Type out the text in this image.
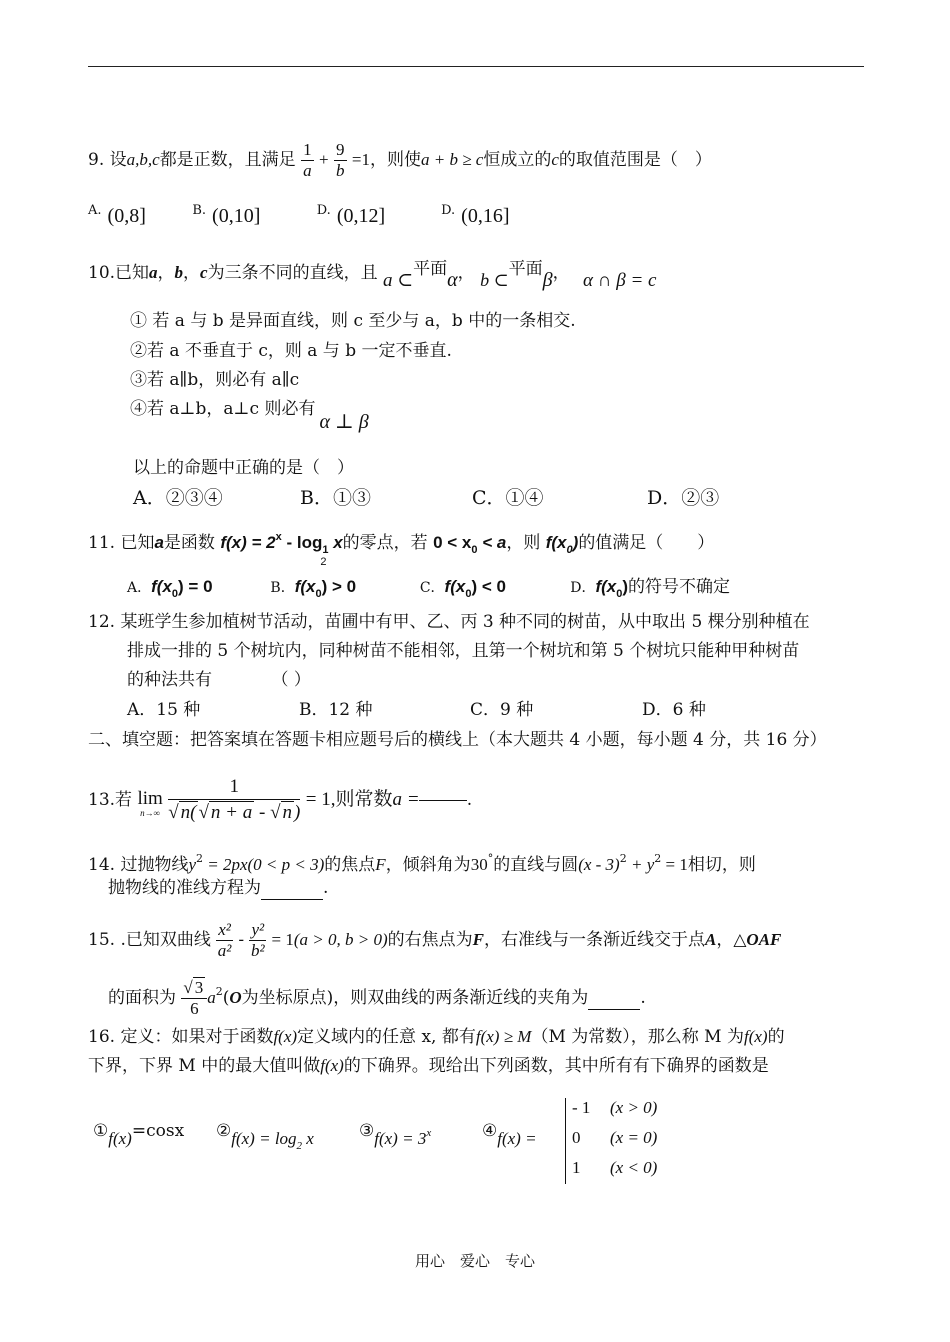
9. 设a,b,c都是正数，且满足 $\frac{1}{a} + \frac{9}{b} =1$，则使a + b ≥ c恒成立的c的取值范围是（　）
$^{A.}$ (0,8]	$^{B.}$ (0,10]	$^{D.}$ (0,12]	$^{D.}$ (0,16]
10.已知a，b，c为三条不同的直线，且 a ⊂平面α， b ⊂平面β， α ∩ β = c
① 若 a 与 b 是异面直线，则 c 至少与 a，b 中的一条相交.
②若 a 不垂直于 c，则 a 与 b 一定不垂直.
③若 a∥b，则必有 a∥c
④若 a⊥b，a⊥c 则必有α ⊥ β
以上的命题中正确的是（　）
A．②③④	B．①③	C．①④	D．②③
11. 已知a是函数 $f(x) = 2^x - \log_1$
2
x的零点，若 $0 < x_0 < a$，则 $f(x_0)$的值满足（　　）
A．$f(x_0) = 0$	B．$f(x_0) > 0$	C．$f(x_0) < 0$	D．$f(x_0)$的符号不确定
12. 某班学生参加植树节活动，苗圃中有甲、乙、丙 3 种不同的树苗，从中取出 5 棵分别种植在
排成一排的 5 个树坑内，同种树苗不能相邻，且第一个树坑和第 5 个树坑只能种甲种树苗
的种法共有　　　　（ ）
A．15 种	B．12 种	C．9 种	D．6 种
二、填空题：把答案填在答题卡相应题号后的横线上（本大题共 4 小题，每小题 4 分，共 16 分）
13.若 lim
n→∞
$\frac{1}{√ n( √ n + a - √ n )} = 1$,则常数a =	.
14. 过抛物线$y^2 = 2px(0 < p < 3)$的焦点F，倾斜角为30°的直线与圆$(x - 3)^2 + y^2 = 1$相切，则
抛物线的准线方程为	.
15. .已知双曲线 $\frac{\text{x²}}{\text{a²}} - \frac{\text{y²}}{\text{b²}} = 1(a > 0$, b > 0)的右焦点为F，右准线与一条渐近线交于点A，△OAF
的面积为 $\frac{√ 3}{6} a^2(O$为坐标原点)，则双曲线的两条渐近线的夹角为	.
16. 定义：如果对于函数f(x)定义域内的任意 x, 都有f(x) ≥ M（M 为常数），那么称 M 为f(x)的
下界，下界 M 中的最大值叫做f(x)的下确界。现给出下列函数，其中所有有下确界的函数是
①f(x)=cosx ②f(x) = $\log_2 x$	③f(x) = $3^x$	④f(x) =
- 1 (x > 0)
0 (x = 0)
1 (x < 0)
用心　爱心　专心
